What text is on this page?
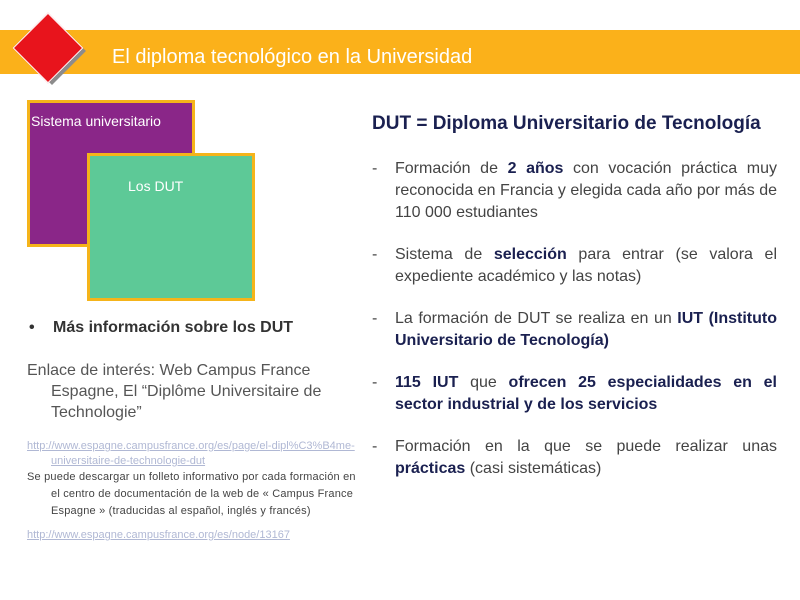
El diploma tecnológico en la Universidad
Sistema universitario
Los DUT
• Más información sobre los DUT
Enlace de interés: Web Campus France Espagne, El “Diplôme Universitaire de Technologie”
http://www.espagne.campusfrance.org/es/page/el-dipl%C3%B4me-universitaire-de-technologie-dut
Se puede descargar un folleto informativo por cada formación en el centro de documentación de la web de « Campus France Espagne » (traducidas al español, inglés y francés)
http://www.espagne.campusfrance.org/es/node/13167
DUT = Diploma Universitario de Tecnología
- Formación de 2 años con vocación práctica muy reconocida en Francia y elegida cada año por más de 110 000 estudiantes
- Sistema de selección para entrar (se valora el expediente académico y las notas)
- La formación de DUT se realiza en un IUT (Instituto Universitario de Tecnología)
- 115 IUT que ofrecen 25 especialidades en el sector industrial y de los servicios
- Formación en la que se puede realizar unas prácticas (casi sistemáticas)
